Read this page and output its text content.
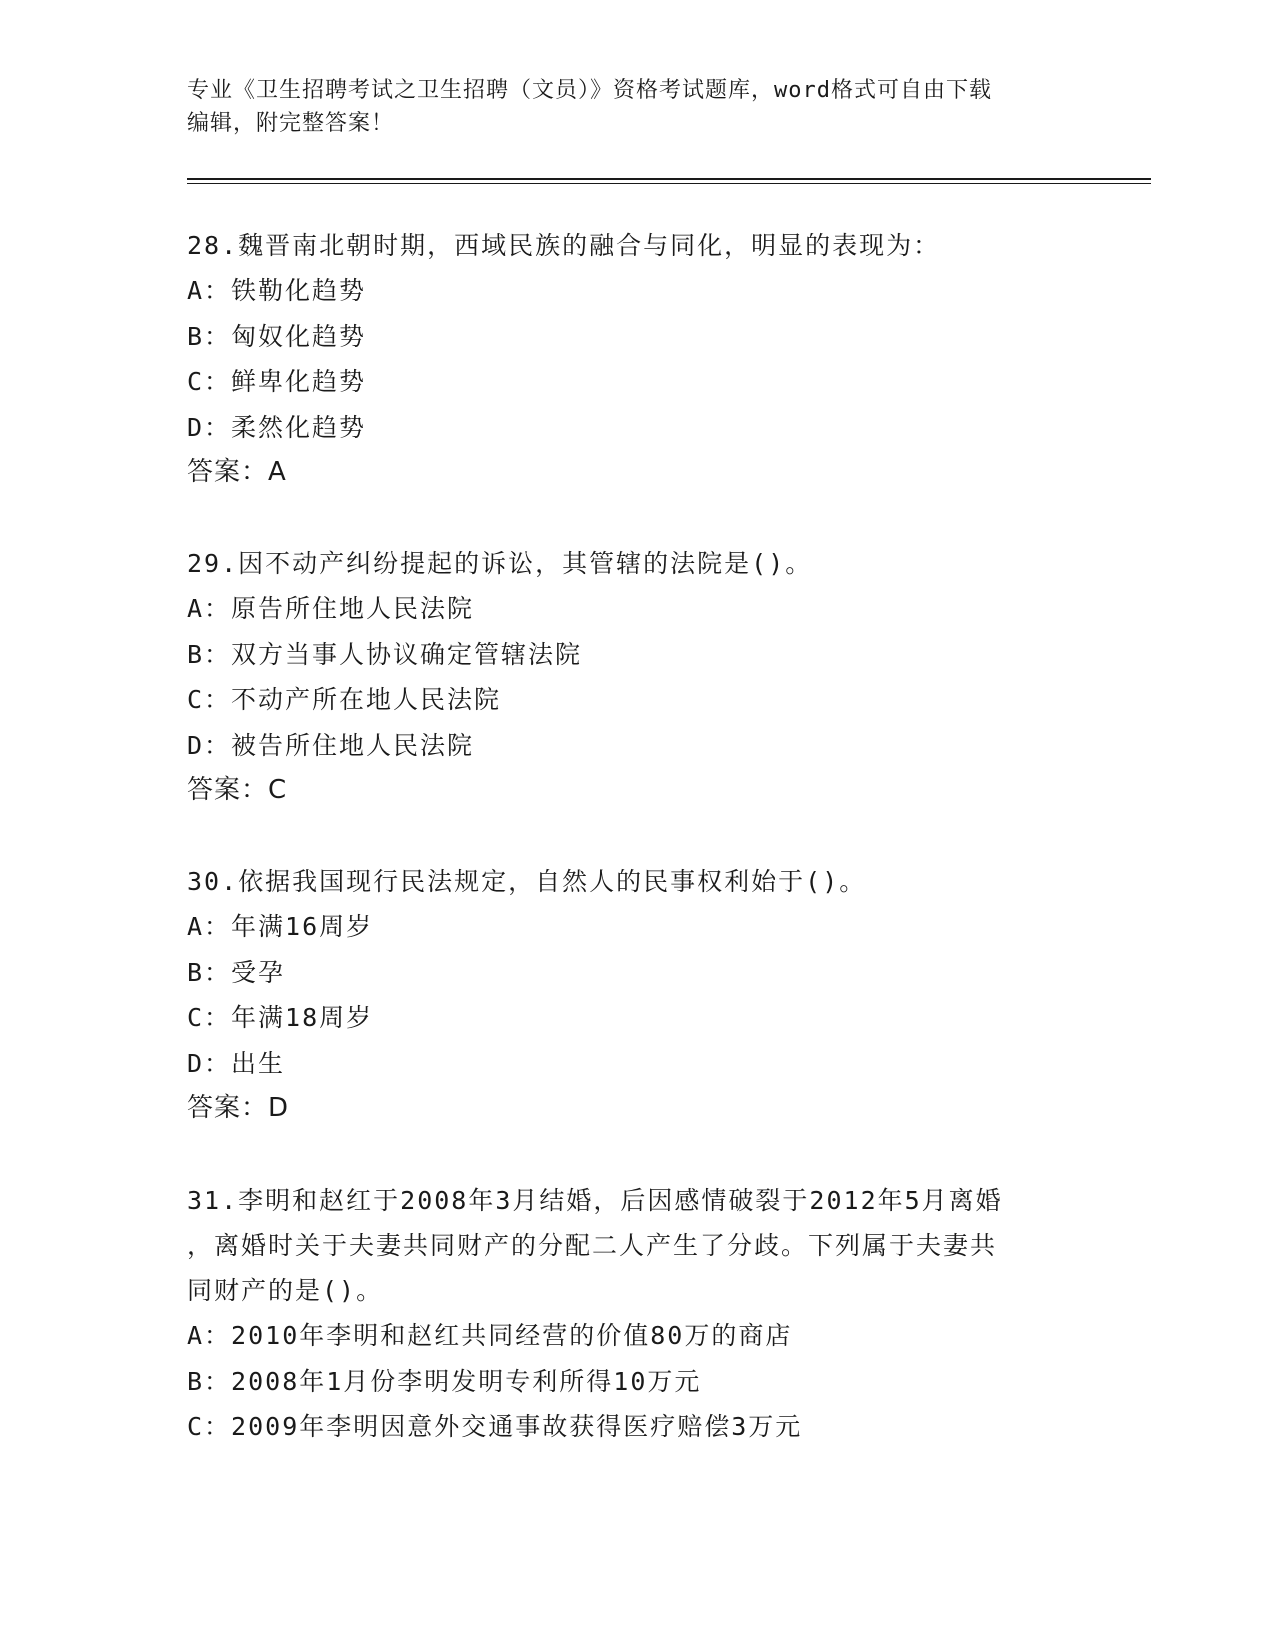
专业《卫生招聘考试之卫生招聘（文员）》资格考试题库，word格式可自由下载
编辑，附完整答案！

28.魏晋南北朝时期，西域民族的融合与同化，明显的表现为：

A：铁勒化趋势

B：匈奴化趋势

C：鲜卑化趋势

D：柔然化趋势

答案：A

29.因不动产纠纷提起的诉讼，其管辖的法院是()。

A：原告所住地人民法院

B：双方当事人协议确定管辖法院

C：不动产所在地人民法院

D：被告所住地人民法院

答案：C

30.依据我国现行民法规定，自然人的民事权利始于()。

A：年满16周岁

B：受孕

C：年满18周岁

D：出生

答案：D

31.李明和赵红于2008年3月结婚，后因感情破裂于2012年5月离婚

，离婚时关于夫妻共同财产的分配二人产生了分歧。下列属于夫妻共

同财产的是()。

A：2010年李明和赵红共同经营的价值80万的商店

B：2008年1月份李明发明专利所得10万元

C：2009年李明因意外交通事故获得医疗赔偿3万元
